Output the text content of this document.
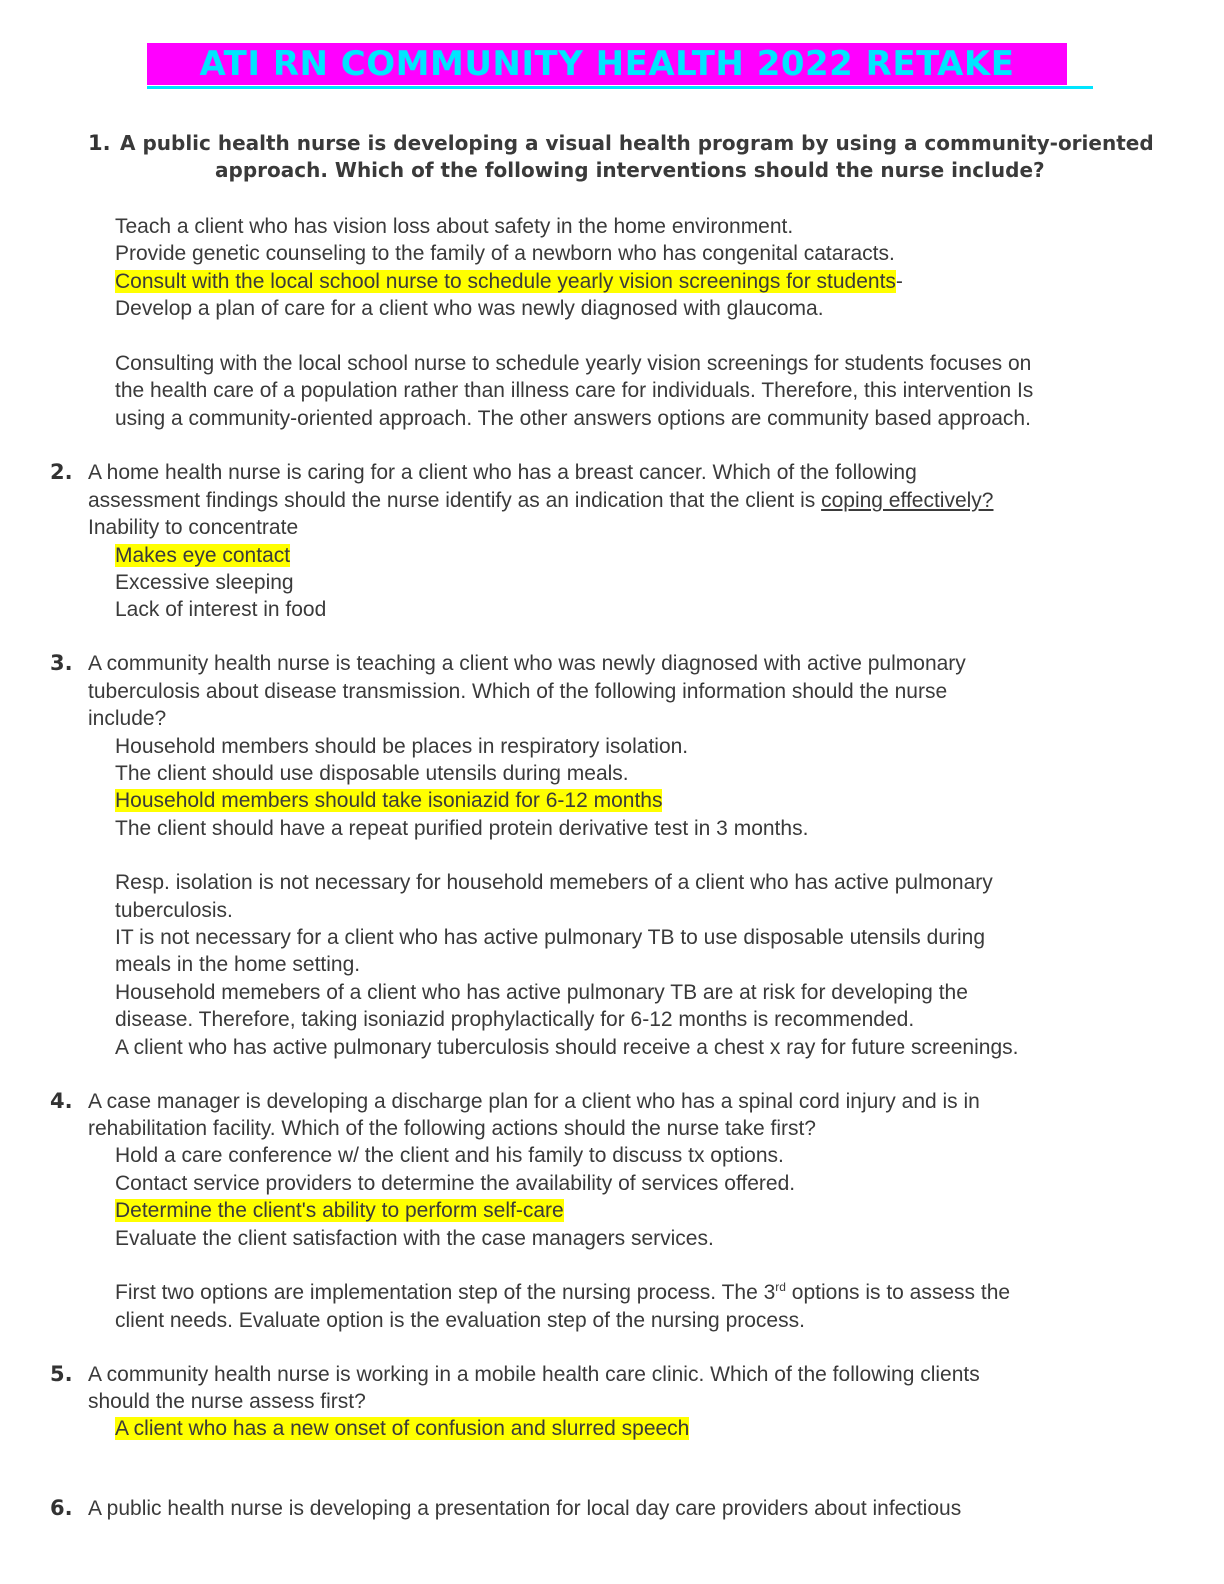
ATI RN COMMUNITY HEALTH 2022 RETAKE
1. A public health nurse is developing a visual health program by using a community-oriented
approach. Which of the following interventions should the nurse include?
Teach a client who has vision loss about safety in the home environment.
Provide genetic counseling to the family of a newborn who has congenital cataracts.
Consult with the local school nurse to schedule yearly vision screenings for students-
Develop a plan of care for a client who was newly diagnosed with glaucoma.
Consulting with the local school nurse to schedule yearly vision screenings for students focuses on
the health care of a population rather than illness care for individuals. Therefore, this intervention Is
using a community-oriented approach. The other answers options are community based approach.
2. A home health nurse is caring for a client who has a breast cancer. Which of the following
assessment findings should the nurse identify as an indication that the client is coping effectively?
Inability to concentrate
Makes eye contact
Excessive sleeping
Lack of interest in food
3. A community health nurse is teaching a client who was newly diagnosed with active pulmonary
tuberculosis about disease transmission. Which of the following information should the nurse
include?
Household members should be places in respiratory isolation.
The client should use disposable utensils during meals.
Household members should take isoniazid for 6-12 months
The client should have a repeat purified protein derivative test in 3 months.
Resp. isolation is not necessary for household memebers of a client who has active pulmonary
tuberculosis.
IT is not necessary for a client who has active pulmonary TB to use disposable utensils during
meals in the home setting.
Household memebers of a client who has active pulmonary TB are at risk for developing the
disease. Therefore, taking isoniazid prophylactically for 6-12 months is recommended.
A client who has active pulmonary tuberculosis should receive a chest x ray for future screenings.
4. A case manager is developing a discharge plan for a client who has a spinal cord injury and is in
rehabilitation facility. Which of the following actions should the nurse take first?
Hold a care conference w/ the client and his family to discuss tx options.
Contact service providers to determine the availability of services offered.
Determine the client's ability to perform self-care
Evaluate the client satisfaction with the case managers services.
First two options are implementation step of the nursing process. The 3rd options is to assess the
client needs. Evaluate option is the evaluation step of the nursing process.
5. A community health nurse is working in a mobile health care clinic. Which of the following clients
should the nurse assess first?
A client who has a new onset of confusion and slurred speech
6. A public health nurse is developing a presentation for local day care providers about infectious
